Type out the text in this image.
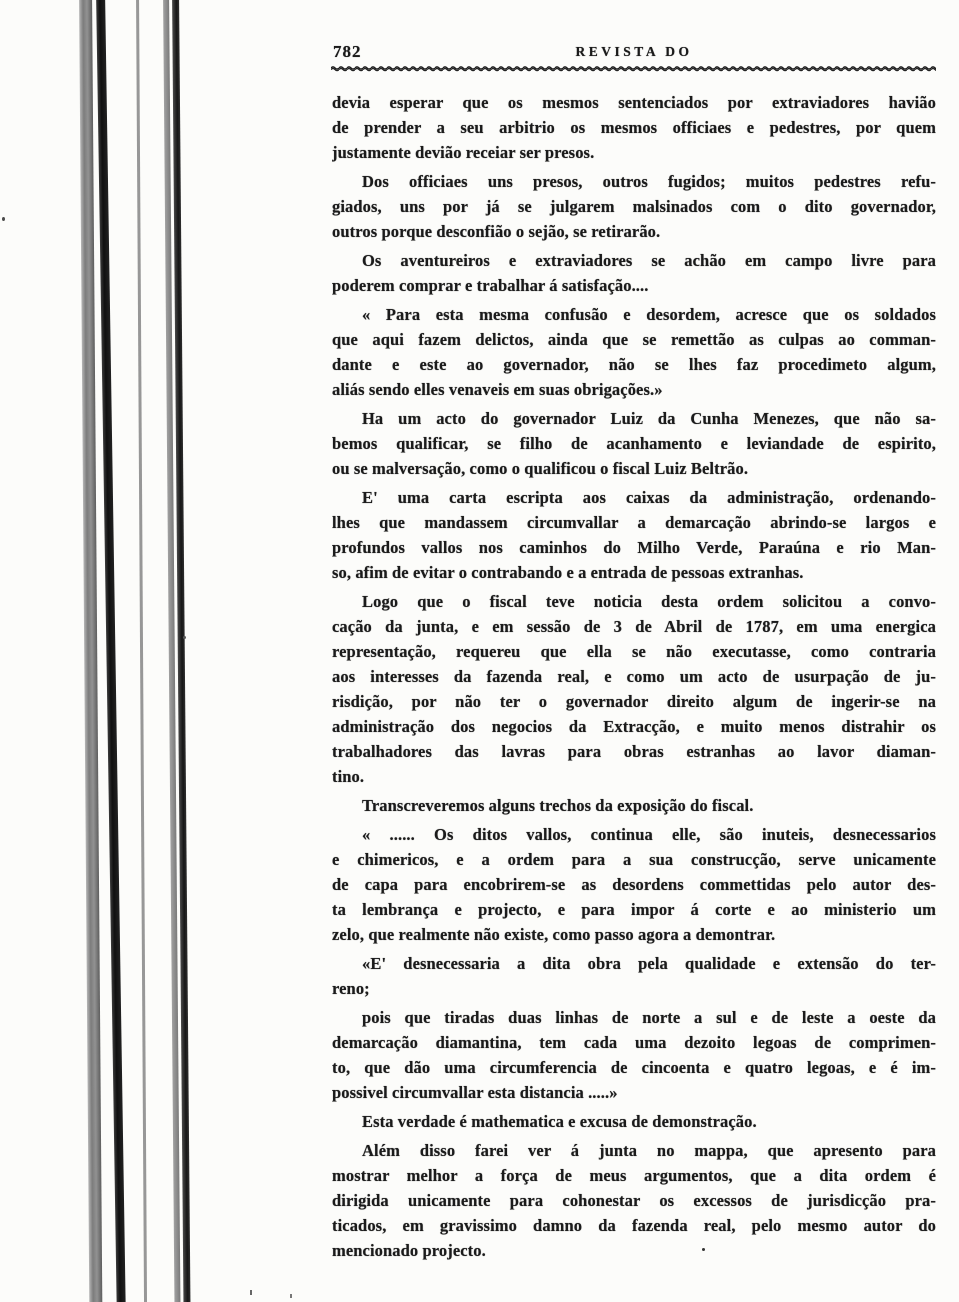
782	REVISTA DO
devia esperar que os mesmos sentenciados por extraviadores havião
de prender a seu arbitrio os mesmos officiaes e pedestres, por quem
justamente devião receiar ser presos.
Dos officiaes uns presos, outros fugidos; muitos pedestres refu-
giados, uns por já se julgarem malsinados com o dito governador,
outros porque desconfião o sejão, se retirarão.
Os aventureiros e extraviadores se achão em campo livre para
poderem comprar e trabalhar á satisfação....
« Para esta mesma confusão e desordem, acresce que os soldados
que aqui fazem delictos, ainda que se remettão as culpas ao comman-
dante e este ao governador, não se lhes faz procedimeto algum,
aliás sendo elles venaveis em suas obrigações.»
Ha um acto do governador Luiz da Cunha Menezes, que não sa-
bemos qualificar, se filho de acanhamento e leviandade de espirito,
ou se malversação, como o qualificou o fiscal Luiz Beltrão.
E' uma carta escripta aos caixas da administração, ordenando-
lhes que mandassem circumvallar a demarcação abrindo-se largos e
profundos vallos nos caminhos do Milho Verde, Paraúna e rio Man-
so, afim de evitar o contrabando e a entrada de pessoas extranhas.
Logo que o fiscal teve noticia desta ordem solicitou a convo-
cação da junta, e em sessão de 3 de Abril de 1787, em uma energica
representação, requereu que ella se não executasse, como contraria
aos interesses da fazenda real, e como um acto de usurpação de ju-
risdição, por não ter o governador direito algum de ingerir-se na
administração dos negocios da Extracção, e muito menos distrahir os
trabalhadores das lavras para obras estranhas ao lavor diaman-
tino.
Transcreveremos alguns trechos da exposição do fiscal.
« ...... Os ditos vallos, continua elle, são inuteis, desnecessarios
e chimericos, e a ordem para a sua construcção, serve unicamente
de capa para encobrirem-se as desordens commettidas pelo autor des-
ta lembrança e projecto, e para impor á corte e ao ministerio um
zelo, que realmente não existe, como passo agora a demontrar.
«E' desnecessaria a dita obra pela qualidade e extensão do ter-
reno;
pois que tiradas duas linhas de norte a sul e de leste a oeste da
demarcação diamantina, tem cada uma dezoito legoas de comprimen-
to, que dão uma circumferencia de cincoenta e quatro legoas, e é im-
possivel circumvallar esta distancia .....»
Esta verdade é mathematica e excusa de demonstração.
Além disso farei ver á junta no mappa, que apresento para
mostrar melhor a força de meus argumentos, que a dita ordem é
dirigida unicamente para cohonestar os excessos de jurisdicção pra-
ticados, em gravissimo damno da fazenda real, pelo mesmo autor do
mencionado projecto.
